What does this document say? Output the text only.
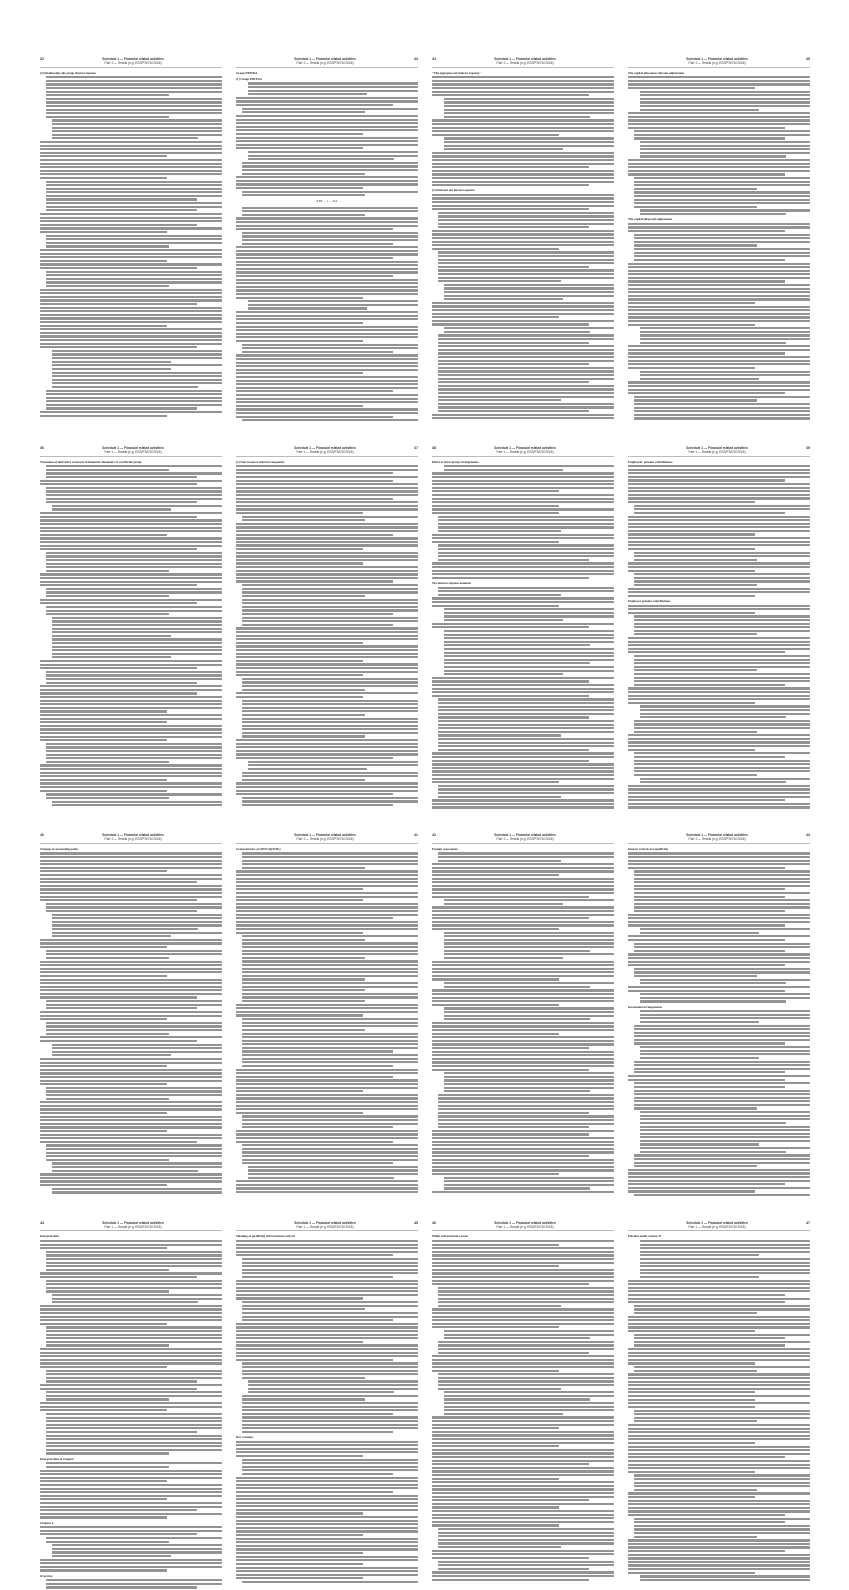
32	Schedule 1 — Financial related activities
Part 1 — Heads (e.g. ESS/FS/CM 2018)
(3) Disallowing sub-group interest expense
Schedule 1 — Financial related activities
Part 1 — Heads (e.g. ESS/FS/CM 2018)
33
Group EBITDA
(1) Group-EBITDA
EBT – 1 – DA
34	Schedule 1 — Financial related activities
Part 1 — Heads (e.g. ESS/FS/CM 2018)
"The aggregate net interest expense"
(2) Relevant net interest expense
Schedule 1 — Financial related activities
Part 1 — Heads (e.g. ESS/FS/CM 2018)
35
The capital allowance relevant adjustment
The capital (disposal) adjustment
36	Schedule 1 — Financial related activities
Part 1 — Heads (e.g. ESS/FS/CM 2018)
Treatment of derivative contracts in financial statements of worldwide group
Schedule 1 — Financial related activities
Part 1 — Heads (e.g. ESS/FS/CM 2018)
37
(2) Non-recourse relevant companies
38	Schedule 1 — Financial related activities
Part 1 — Heads (e.g. ESS/FS/CM 2018)
Effect of intra-group arrangements
Tax-interest expense amounts
Schedule 1 — Financial related activities
Part 1 — Heads (e.g. ESS/FS/CM 2018)
39
Employees' pension contributions
Employer pension contributions
40	Schedule 1 — Financial related activities
Part 1 — Heads (e.g. ESS/FS/CM 2018)
Changes in accounting policy
Schedule 1 — Financial related activities
Part 1 — Heads (e.g. ESS/FS/CM 2018)
41
Group interest of QNNGQ(WMs)
42	Schedule 1 — Financial related activities
Part 1 — Heads (e.g. ESS/FS/CM 2018)
Exempt assessment
Schedule 1 — Financial related activities
Part 1 — Heads (e.g. ESS/FS/CM 2018)
43
Interest returns not qualifying
Investment arrangements
44	Schedule 1 — Financial related activities
Part 1 — Heads (e.g. ESS/FS/CM 2018)
Interpretation
Interpretation of Chapter
Chapter 4
Overview
Schedule 1 — Financial related activities
Part 1 — Heads (e.g. ESS/FS/CM 2018)
45
Meaning of qualifying infrastructure activity
Key concepts
46	Schedule 1 — Financial related activities
Part 1 — Heads (e.g. ESS/FS/CM 2018)
Public infrastructure assets
Schedule 1 — Financial related activities
Part 1 — Heads (e.g. ESS/FS/CM 2018)
47
Election under section 47
